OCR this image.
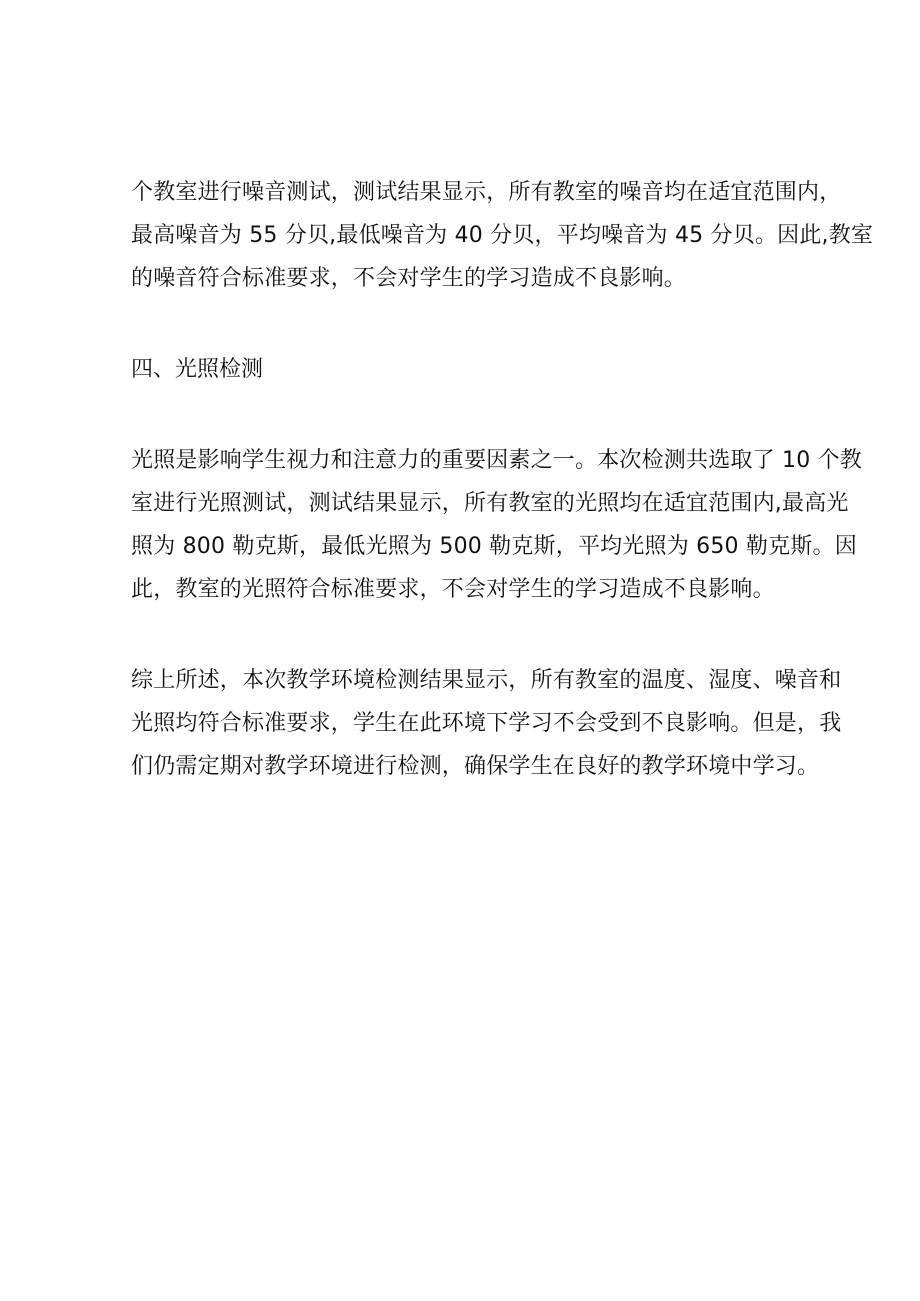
个教室进行噪音测试，测试结果显示，所有教室的噪音均在适宜范围内，
最高噪音为 55 分贝,最低噪音为 40 分贝，平均噪音为 45 分贝。因此,教室
的噪音符合标准要求，不会对学生的学习造成不良影响。

四、光照检测

光照是影响学生视力和注意力的重要因素之一。本次检测共选取了 10 个教
室进行光照测试，测试结果显示，所有教室的光照均在适宜范围内,最高光
照为 800 勒克斯，最低光照为 500 勒克斯，平均光照为 650 勒克斯。因
此，教室的光照符合标准要求，不会对学生的学习造成不良影响。

综上所述，本次教学环境检测结果显示，所有教室的温度、湿度、噪音和
光照均符合标准要求，学生在此环境下学习不会受到不良影响。但是，我
们仍需定期对教学环境进行检测，确保学生在良好的教学环境中学习。
